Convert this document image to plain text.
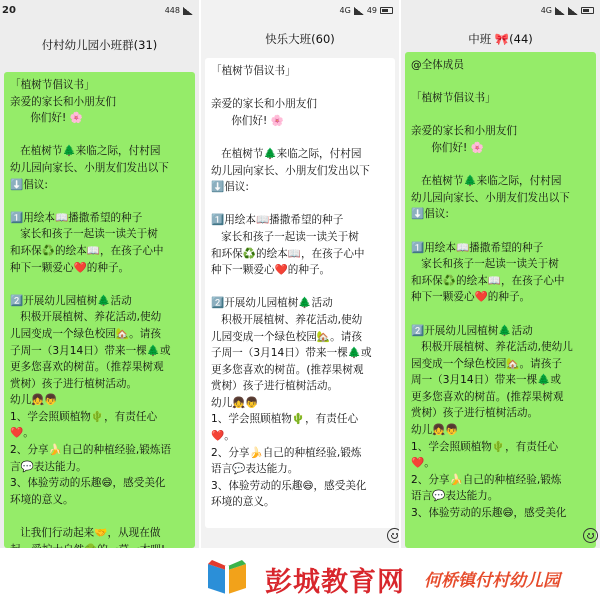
20	448
付村幼儿园小班群(31)
「植树节倡议书」
亲爱的家长和小朋友们
你们好! 🌸
在植树节🌲来临之际，付村园
幼儿园向家长、小朋友们发出以下
⬇️倡议:
1️⃣用绘本📖播撒希望的种子
家长和孩子一起读一读关于树
和环保♻️的绘本📖，在孩子心中
种下一颗爱心❤️的种子。
2️⃣开展幼儿园植树🌲活动
积极开展植树、养花活动,使幼
儿园变成一个绿色校园🏡。请孩
子周一（3月14日）带来一棵🌲或
更多您喜欢的树苗。（推荐果树观
赏树）孩子进行植树活动。
幼儿👧👦
1、学会照顾植物🌵，有责任心
❤️。
2、分享🍌自己的种植经验,锻炼语
言💬表达能力。
3、体验劳动的乐趣😄，感受美化
环境的意义。
让我们行动起来🤝，从现在做
4G 49
快乐大班(60)
「植树节倡议书」
亲爱的家长和小朋友们
你们好! 🌸
在植树节🌲来临之际，付村园
幼儿园向家长、小朋友们发出以下
⬇️倡议:
1️⃣用绘本📖播撒希望的种子
家长和孩子一起读一读关于树
和环保♻️的绘本📖，在孩子心中
种下一颗爱心❤️的种子。
2️⃣开展幼儿园植树🌲活动
积极开展植树、养花活动,使幼
儿园变成一个绿色校园🏡。请孩
子周一（3月14日）带来一棵🌲或
更多您喜欢的树苗。(推荐果树观
赏树）孩子进行植树活动。
幼儿👧👦
1、学会照顾植物🌵，有责任心
❤️。
2、分享🍌自己的种植经验,锻炼
语言💬表达能力。
3、体验劳动的乐趣😄，感受美化
环境的意义。
4G
中班 🎀(44)
@全体成员
「植树节倡议书」
亲爱的家长和小朋友们
你们好! 🌸
在植树节🌲来临之际，付村园
幼儿园向家长、小朋友们发出以下
⬇️倡议:
1️⃣用绘本📖播撒希望的种子
家长和孩子一起读一读关于树
和环保♻️的绘本📖，在孩子心中
种下一颗爱心❤️的种子。
2️⃣开展幼儿园植树🌲活动
积极开展植树、养花活动,使幼儿
园变成一个绿色校园🏡。请孩子
周一（3月14日）带来一棵🌲或
更多您喜欢的树苗。(推荐果树观
赏树）孩子进行植树活动。
幼儿👧👦
1、学会照顾植物🌵，有责任心
❤️。
2、分享🍌自己的种植经验,锻炼
语言💬表达能力。
3、体验劳动的乐趣😄，感受美化
彭城教育网 何桥镇付村幼儿园
